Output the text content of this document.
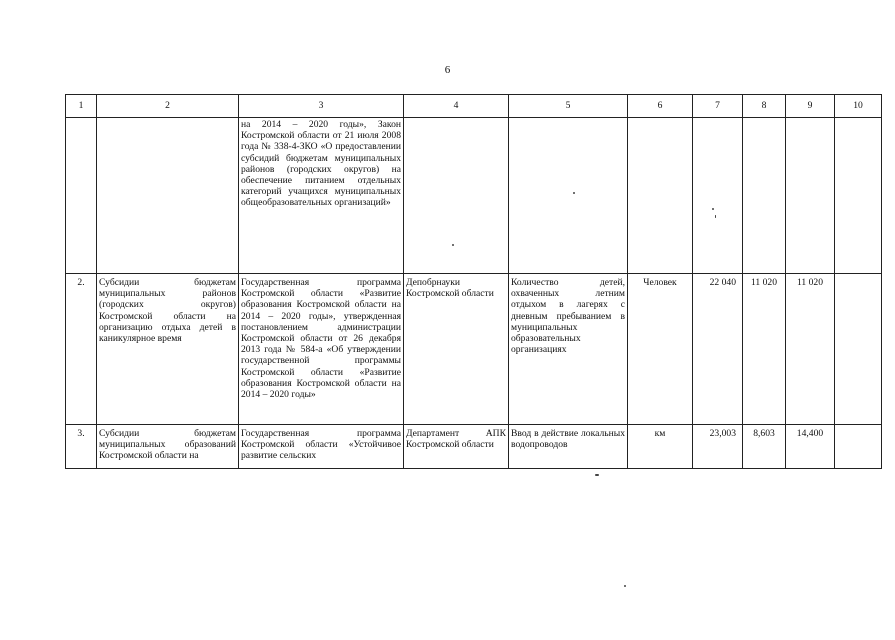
6
1	2	3	4	5	6	7	8	9	10
		на 2014 – 2020 годы», Закон Костромской области от 21 июля 2008 года № 338-4-ЗКО «О предоставлении субсидий бюджетам муниципальных районов (городских округов) на обеспечение питанием отдельных категорий учащихся муниципальных общеобразовательных организаций»							
2.	Субсидии бюджетам муниципальных районов (городских округов) Костромской области на организацию отдыха детей в каникулярное время	Государственная программа Костромской области «Развитие образования Костромской области на 2014 – 2020 годы», утвержденная постановлением администрации Костромской области от 26 декабря 2013 года № 584-а «Об утверждении государственной программы Костромской области «Развитие образования Костромской области на 2014 – 2020 годы»	Депобрнауки Костромской области	Количество детей, охваченных летним отдыхом в лагерях с дневным пребыванием в муниципальных образовательных организациях	Человек	22 040	11 020	11 020	
3.	Субсидии бюджетам муниципальных образований Костромской области на	Государственная программа Костромской области «Устойчивое развитие сельских	Департамент АПК Костромской области	Ввод в действие локальных водопроводов	км	23,003	8,603	14,400	
